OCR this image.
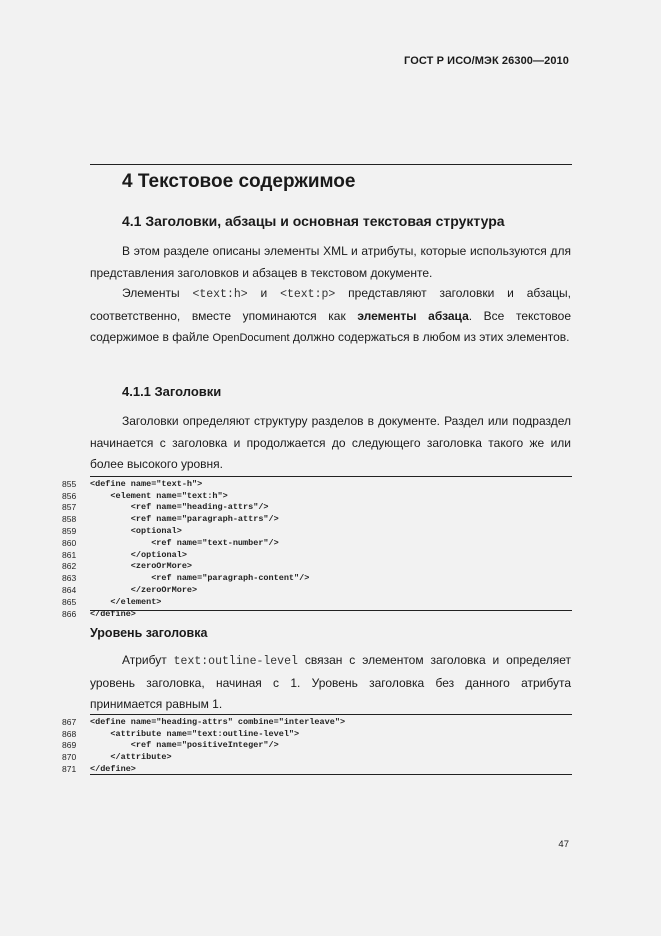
ГОСТ Р ИСО/МЭК 26300—2010
4 Текстовое содержимое
4.1 Заголовки, абзацы и основная текстовая структура

В этом разделе описаны элементы XML и атрибуты, которые используются для представления заголовков и абзацев в текстовом документе.

Элементы <text:h> и <text:p> представляют заголовки и абзацы, соответственно, вместе упоминаются как элементы абзаца. Все текстовое содержимое в файле OpenDocument должно содержаться в любом из этих элементов.

4.1.1 Заголовки

Заголовки определяют структуру разделов в документе. Раздел или подраздел начинается с заголовка и продолжается до следующего заголовка такого же или более высокого уровня.

855	<define name="text-h">
856	<element name="text:h">
857	<ref name="heading-attrs"/>
858	<ref name="paragraph-attrs"/>
859	<optional>
860	<ref name="text-number"/>
861	</optional>
862	<zeroOrMore>
863	<ref name="paragraph-content"/>
864	</zeroOrMore>
865	</element>
866	</define>
Уровень заголовка

Атрибут text:outline-level связан с элементом заголовка и определяет уровень заголовка, начиная с 1. Уровень заголовка без данного атрибута принимается равным 1.

867	<define name="heading-attrs" combine="interleave">
868	<attribute name="text:outline-level">
869	<ref name="positiveInteger"/>
870	</attribute>
871	</define>
47
